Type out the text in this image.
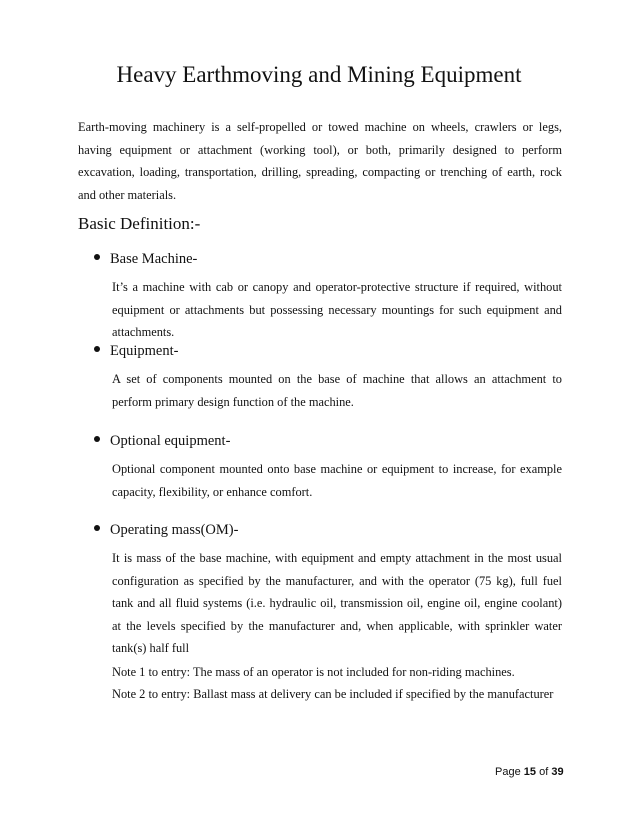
Heavy Earthmoving and Mining Equipment

Earth-moving machinery is a self-propelled or towed machine on wheels, crawlers or legs, having equipment or attachment (working tool), or both, primarily designed to perform excavation, loading, transportation, drilling, spreading, compacting or trenching of earth, rock and other materials.

Basic Definition:-
Base Machine-

It’s a machine with cab or canopy and operator-protective structure if required, without equipment or attachments but possessing necessary mountings for such equipment and attachments.

Equipment-

A set of components mounted on the base of machine that allows an attachment to perform primary design function of the machine.

Optional equipment-

Optional component mounted onto base machine or equipment to increase, for example capacity, flexibility, or enhance comfort.

Operating mass(OM)-

It is mass of the base machine, with equipment and empty attachment in the most usual configuration as specified by the manufacturer, and with the operator (75 kg), full fuel tank and all fluid systems (i.e. hydraulic oil, transmission oil, engine oil, engine coolant) at the levels specified by the manufacturer and, when applicable, with sprinkler water tank(s) half full

Note 1 to entry: The mass of an operator is not included for non-riding machines.

Note 2 to entry: Ballast mass at delivery can be included if specified by the manufacturer

Page 15 of 39
